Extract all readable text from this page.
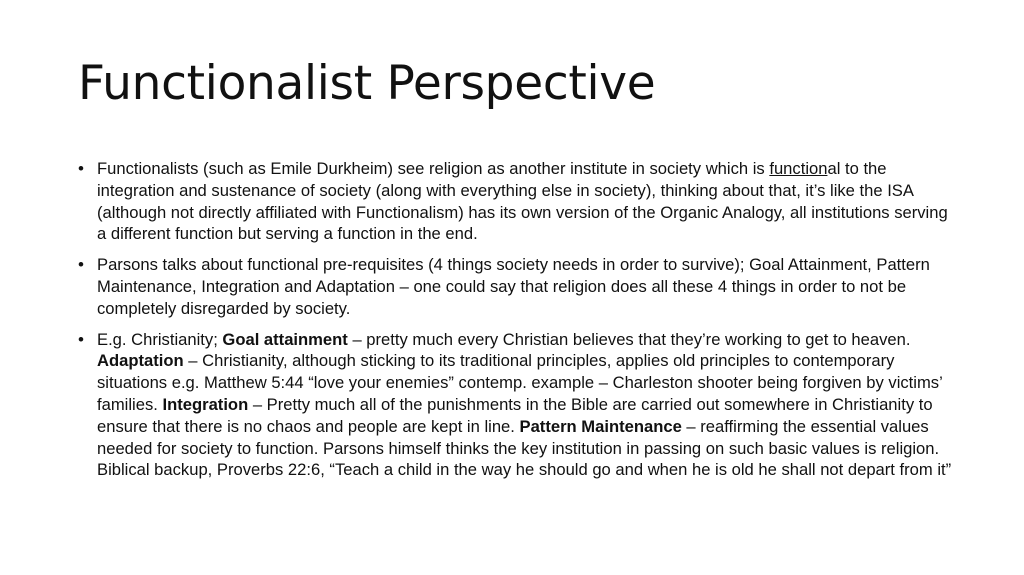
Functionalist Perspective
• Functionalists (such as Emile Durkheim) see religion as another institute in society which is functional to the integration and sustenance of society (along with everything else in society), thinking about that, it’s like the ISA (although not directly affiliated with Functionalism) has its own version of the Organic Analogy, all institutions serving a different function but serving a function in the end.
• Parsons talks about functional pre-requisites (4 things society needs in order to survive); Goal Attainment, Pattern Maintenance, Integration and Adaptation – one could say that religion does all these 4 things in order to not be completely disregarded by society.
• E.g. Christianity; Goal attainment – pretty much every Christian believes that they’re working to get to heaven. Adaptation – Christianity, although sticking to its traditional principles, applies old principles to contemporary situations e.g. Matthew 5:44 “love your enemies” contemp. example – Charleston shooter being forgiven by victims’ families. Integration – Pretty much all of the punishments in the Bible are carried out somewhere in Christianity to ensure that there is no chaos and people are kept in line. Pattern Maintenance – reaffirming the essential values needed for society to function. Parsons himself thinks the key institution in passing on such basic values is religion. Biblical backup, Proverbs 22:6, “Teach a child in the way he should go and when he is old he shall not depart from it”
